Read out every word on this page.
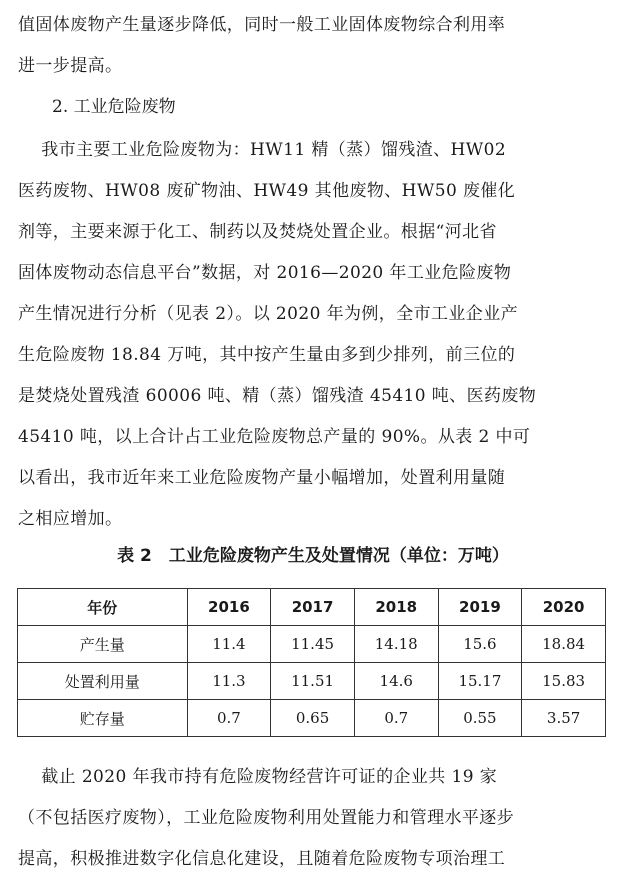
值固体废物产生量逐步降低，同时一般工业固体废物综合利用率
进一步提高。
2. 工业危险废物
我市主要工业危险废物为：HW11 精（蒸）馏残渣、HW02
医药废物、HW08 废矿物油、HW49 其他废物、HW50 废催化
剂等，主要来源于化工、制药以及焚烧处置企业。根据“河北省
固体废物动态信息平台”数据，对 2016—2020 年工业危险废物
产生情况进行分析（见表 2）。以 2020 年为例，全市工业企业产
生危险废物 18.84 万吨，其中按产生量由多到少排列，前三位的
是焚烧处置残渣 60006 吨、精（蒸）馏残渣 45410 吨、医药废物
45410 吨，以上合计占工业危险废物总产量的 90%。从表 2 中可
以看出，我市近年来工业危险废物产量小幅增加，处置利用量随
之相应增加。
表 2　工业危险废物产生及处置情况（单位：万吨）
年份	2016	2017	2018	2019	2020
产生量	11.4	11.45	14.18	15.6	18.84
处置利用量	11.3	11.51	14.6	15.17	15.83
贮存量	0.7	0.65	0.7	0.55	3.57
截止 2020 年我市持有危险废物经营许可证的企业共 19 家
（不包括医疗废物），工业危险废物利用处置能力和管理水平逐步
提高，积极推进数字化信息化建设，且随着危险废物专项治理工
